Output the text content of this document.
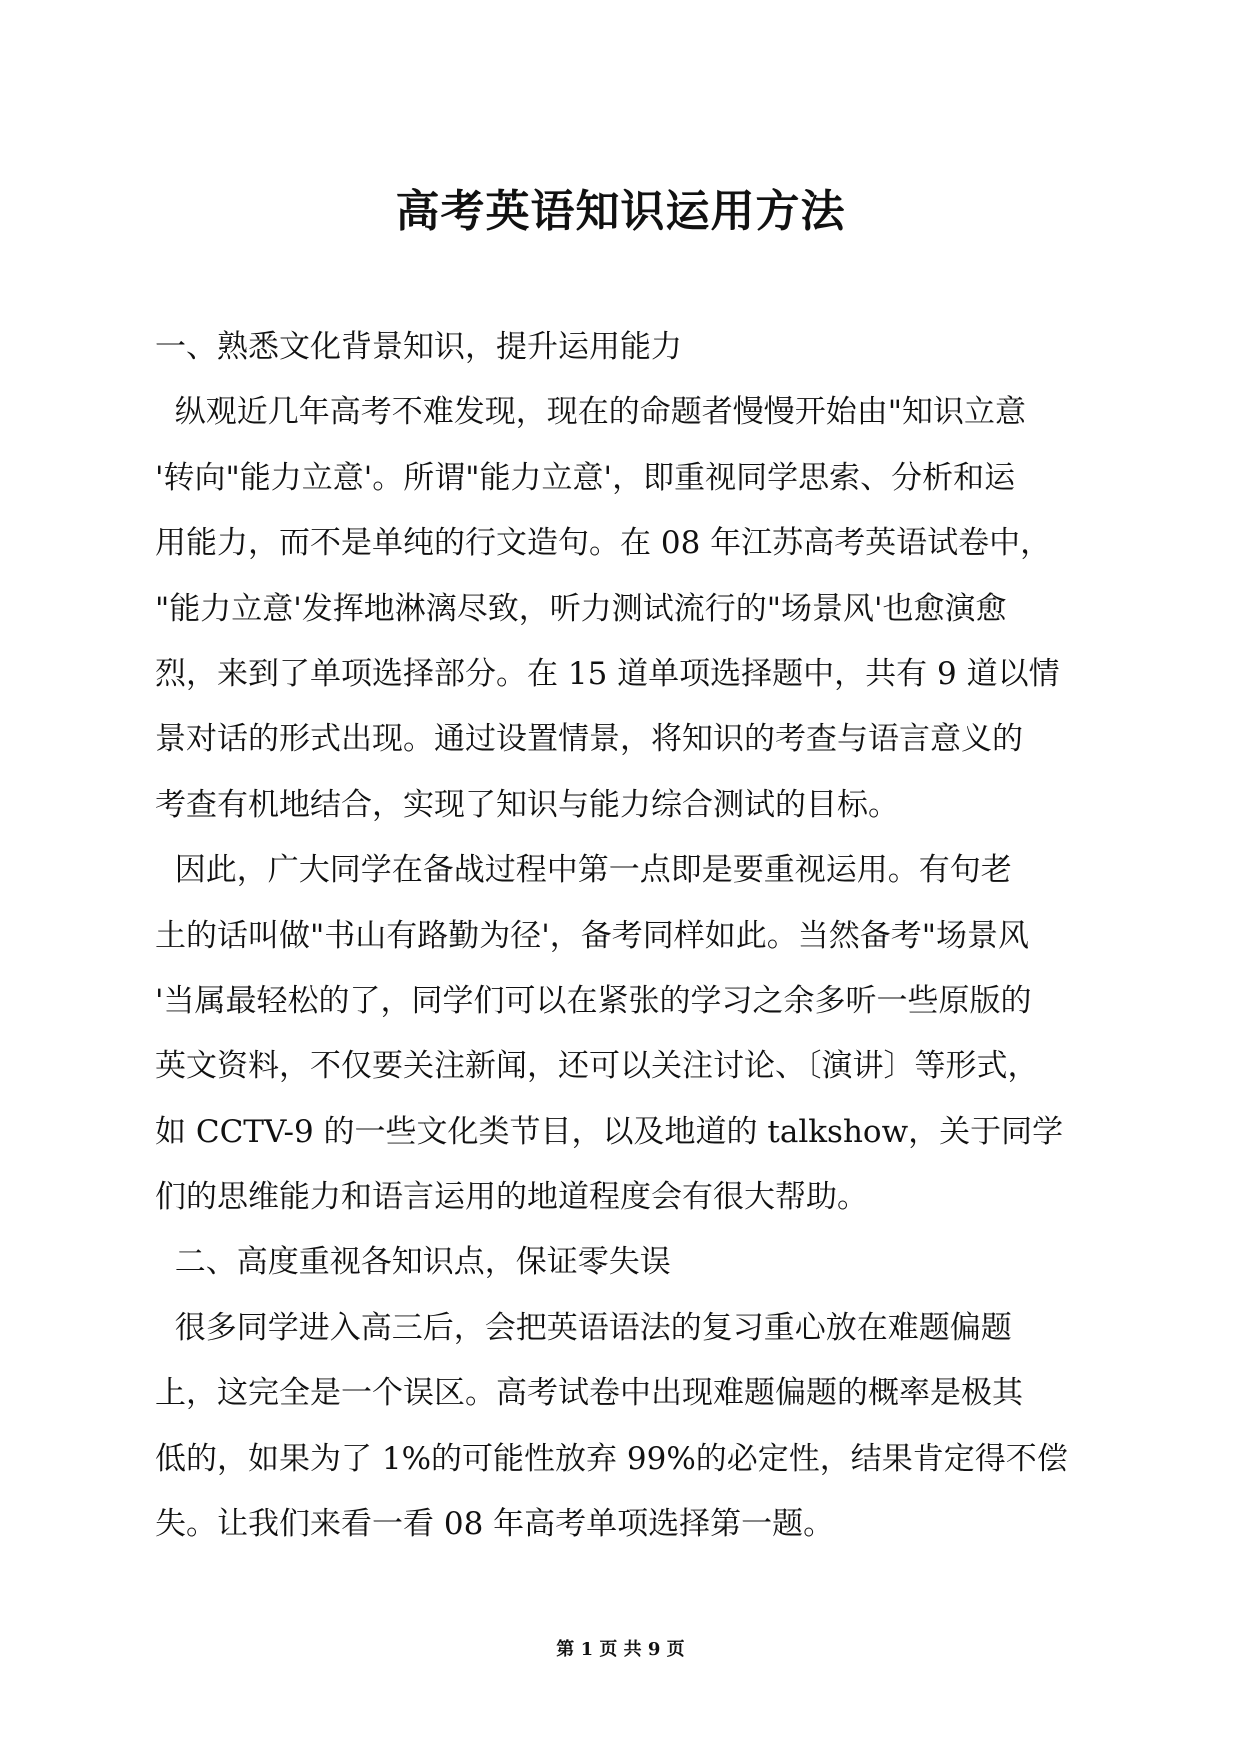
高考英语知识运用方法
一、熟悉文化背景知识，提升运用能力
纵观近几年高考不难发现，现在的命题者慢慢开始由"知识立意
'转向"能力立意'。所谓"能力立意'，即重视同学思索、分析和运
用能力，而不是单纯的行文造句。在 08 年江苏高考英语试卷中，
"能力立意'发挥地淋漓尽致，听力测试流行的"场景风'也愈演愈
烈，来到了单项选择部分。在 15 道单项选择题中，共有 9 道以情
景对话的形式出现。通过设置情景，将知识的考查与语言意义的
考查有机地结合，实现了知识与能力综合测试的目标。
因此，广大同学在备战过程中第一点即是要重视运用。有句老
土的话叫做"书山有路勤为径'，备考同样如此。当然备考"场景风
'当属最轻松的了，同学们可以在紧张的学习之余多听一些原版的
英文资料，不仅要关注新闻，还可以关注讨论、〔演讲〕等形式，
如 CCTV-9 的一些文化类节目，以及地道的 talkshow，关于同学
们的思维能力和语言运用的地道程度会有很大帮助。
二、高度重视各知识点，保证零失误
很多同学进入高三后，会把英语语法的复习重心放在难题偏题
上，这完全是一个误区。高考试卷中出现难题偏题的概率是极其
低的，如果为了 1%的可能性放弃 99%的必定性，结果肯定得不偿
失。让我们来看一看 08 年高考单项选择第一题。
第 1 页 共 9 页
